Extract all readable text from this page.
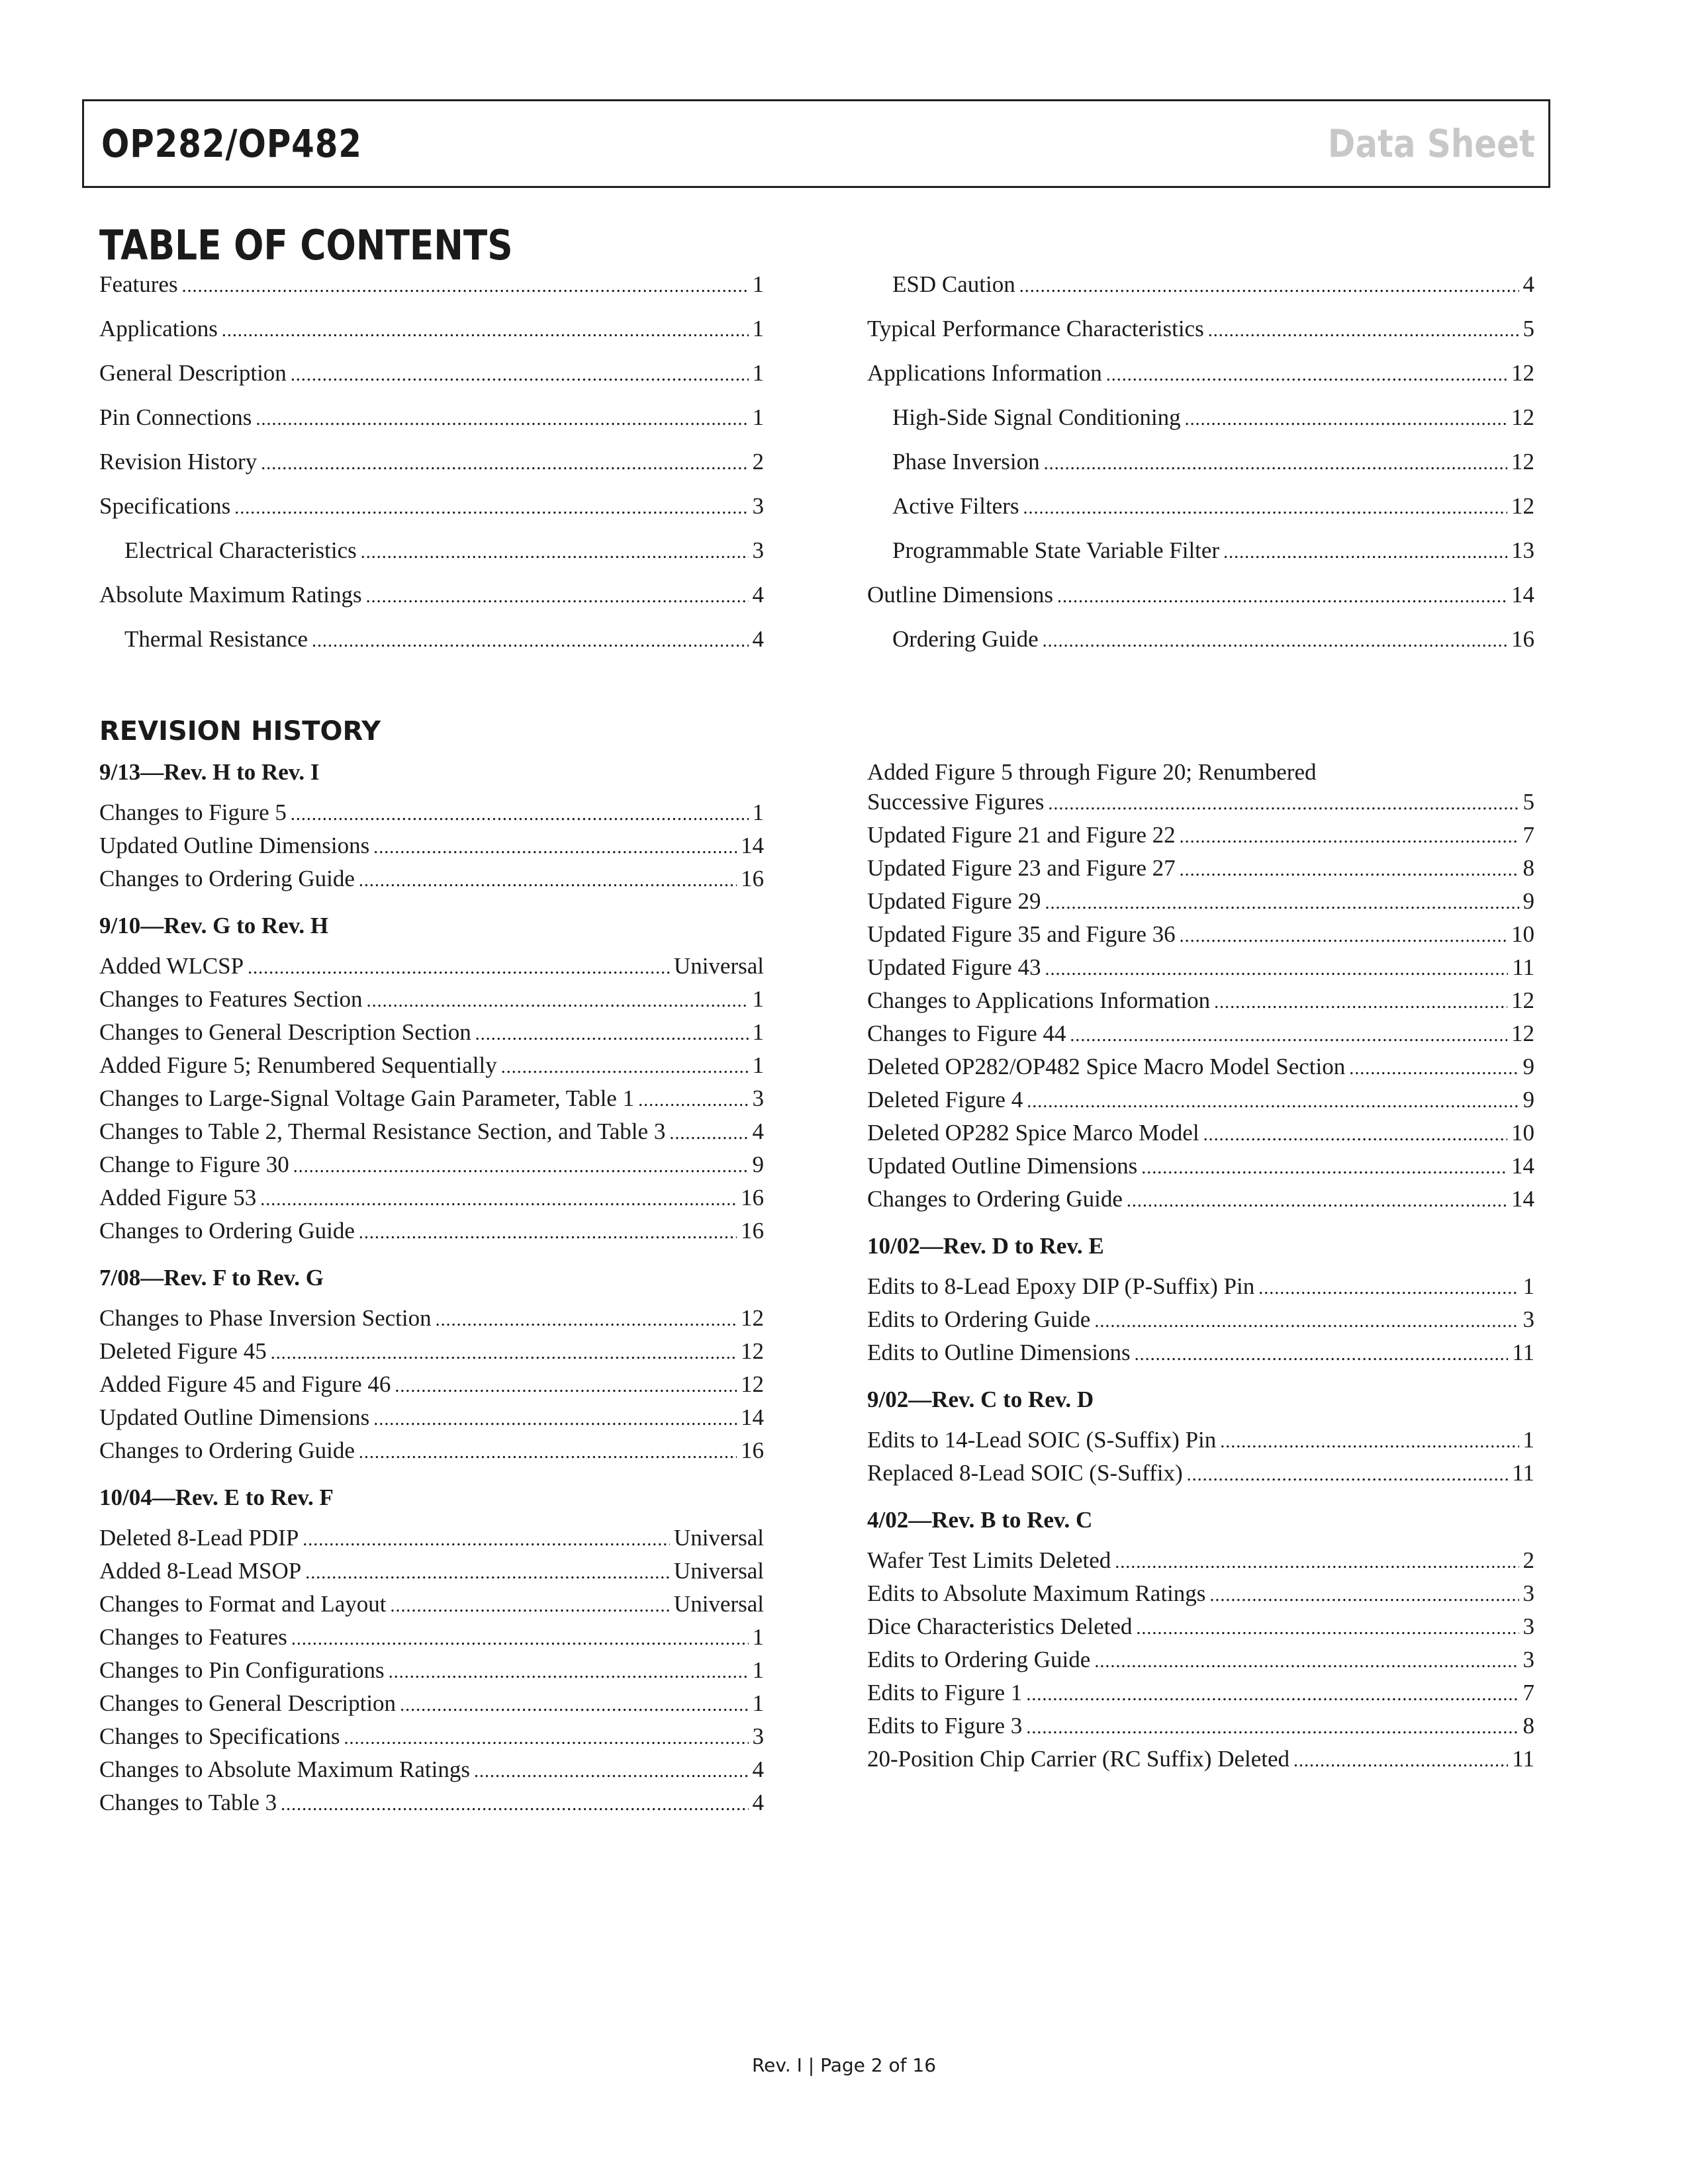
OP282/OP482	Data Sheet
TABLE OF CONTENTS
Features .....	1
Applications .....	1
General Description .....	1
Pin Connections .....	1
Revision History .....	2
Specifications .....	3
Electrical Characteristics .....	3
Absolute Maximum Ratings .....	4
Thermal Resistance .....	4
ESD Caution .....	4
Typical Performance Characteristics .....	5
Applications Information .....	12
High-Side Signal Conditioning .....	12
Phase Inversion .....	12
Active Filters .....	12
Programmable State Variable Filter .....	13
Outline Dimensions .....	14
Ordering Guide .....	16
REVISION HISTORY
9/13—Rev. H to Rev. I
Changes to Figure 5 .....	1
Updated Outline Dimensions .....	14
Changes to Ordering Guide .....	16
9/10—Rev. G to Rev. H
Added WLCSP .....	Universal
Changes to Features Section .....	1
Changes to General Description Section .....	1
Added Figure 5; Renumbered Sequentially .....	1
Changes to Large-Signal Voltage Gain Parameter, Table 1 .....	3
Changes to Table 2, Thermal Resistance Section, and Table 3 .....	4
Change to Figure 30 .....	9
Added Figure 53 .....	16
Changes to Ordering Guide .....	16
7/08—Rev. F to Rev. G
Changes to Phase Inversion Section .....	12
Deleted Figure 45 .....	12
Added Figure 45 and Figure 46 .....	12
Updated Outline Dimensions .....	14
Changes to Ordering Guide .....	16
10/04—Rev. E to Rev. F
Deleted 8-Lead PDIP .....	Universal
Added 8-Lead MSOP .....	Universal
Changes to Format and Layout .....	Universal
Changes to Features .....	1
Changes to Pin Configurations .....	1
Changes to General Description .....	1
Changes to Specifications .....	3
Changes to Absolute Maximum Ratings .....	4
Changes to Table 3 .....	4
Added Figure 5 through Figure 20; Renumbered
Successive Figures .....	5
Updated Figure 21 and Figure 22 .....	7
Updated Figure 23 and Figure 27 .....	8
Updated Figure 29 .....	9
Updated Figure 35 and Figure 36 .....	10
Updated Figure 43 .....	11
Changes to Applications Information .....	12
Changes to Figure 44 .....	12
Deleted OP282/OP482 Spice Macro Model Section .....	9
Deleted Figure 4 .....	9
Deleted OP282 Spice Marco Model .....	10
Updated Outline Dimensions .....	14
Changes to Ordering Guide .....	14
10/02—Rev. D to Rev. E
Edits to 8-Lead Epoxy DIP (P-Suffix) Pin .....	1
Edits to Ordering Guide .....	3
Edits to Outline Dimensions .....	11
9/02—Rev. C to Rev. D
Edits to 14-Lead SOIC (S-Suffix) Pin .....	1
Replaced 8-Lead SOIC (S-Suffix) .....	11
4/02—Rev. B to Rev. C
Wafer Test Limits Deleted .....	2
Edits to Absolute Maximum Ratings .....	3
Dice Characteristics Deleted .....	3
Edits to Ordering Guide .....	3
Edits to Figure 1 .....	7
Edits to Figure 3 .....	8
20-Position Chip Carrier (RC Suffix) Deleted .....	11
Rev. I | Page 2 of 16
